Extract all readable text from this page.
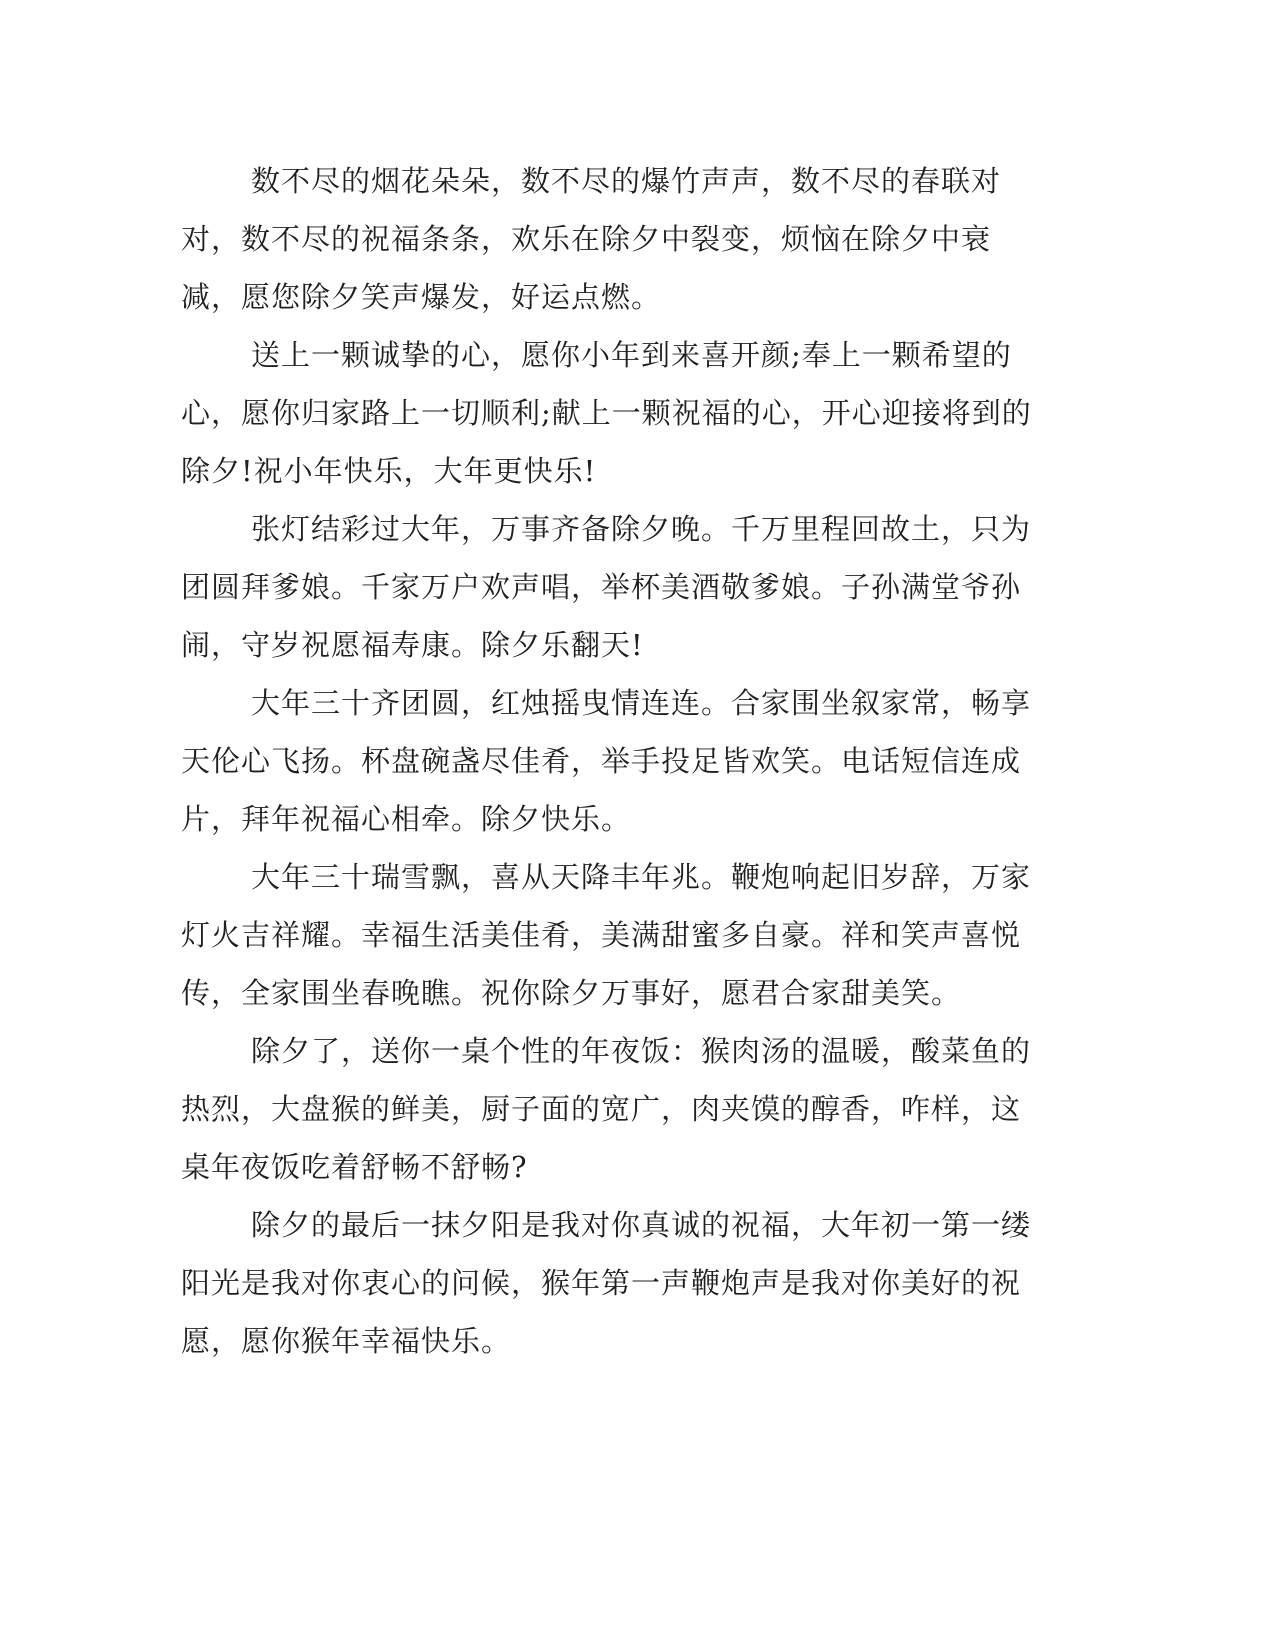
数不尽的烟花朵朵，数不尽的爆竹声声，数不尽的春联对对，数不尽的祝福条条，欢乐在除夕中裂变，烦恼在除夕中衰减，愿您除夕笑声爆发，好运点燃。

送上一颗诚挚的心，愿你小年到来喜开颜;奉上一颗希望的心，愿你归家路上一切顺利;献上一颗祝福的心，开心迎接将到的除夕!祝小年快乐，大年更快乐!

张灯结彩过大年，万事齐备除夕晚。千万里程回故土，只为团圆拜爹娘。千家万户欢声唱，举杯美酒敬爹娘。子孙满堂爷孙闹，守岁祝愿福寿康。除夕乐翻天!

大年三十齐团圆，红烛摇曳情连连。合家围坐叙家常，畅享天伦心飞扬。杯盘碗盏尽佳肴，举手投足皆欢笑。电话短信连成片，拜年祝福心相牵。除夕快乐。

大年三十瑞雪飘，喜从天降丰年兆。鞭炮响起旧岁辞，万家灯火吉祥耀。幸福生活美佳肴，美满甜蜜多自豪。祥和笑声喜悦传，全家围坐春晚瞧。祝你除夕万事好，愿君合家甜美笑。

除夕了，送你一桌个性的年夜饭：猴肉汤的温暖，酸菜鱼的热烈，大盘猴的鲜美，厨子面的宽广，肉夹馍的醇香，咋样，这桌年夜饭吃着舒畅不舒畅?

除夕的最后一抹夕阳是我对你真诚的祝福，大年初一第一缕阳光是我对你衷心的问候，猴年第一声鞭炮声是我对你美好的祝愿，愿你猴年幸福快乐。
